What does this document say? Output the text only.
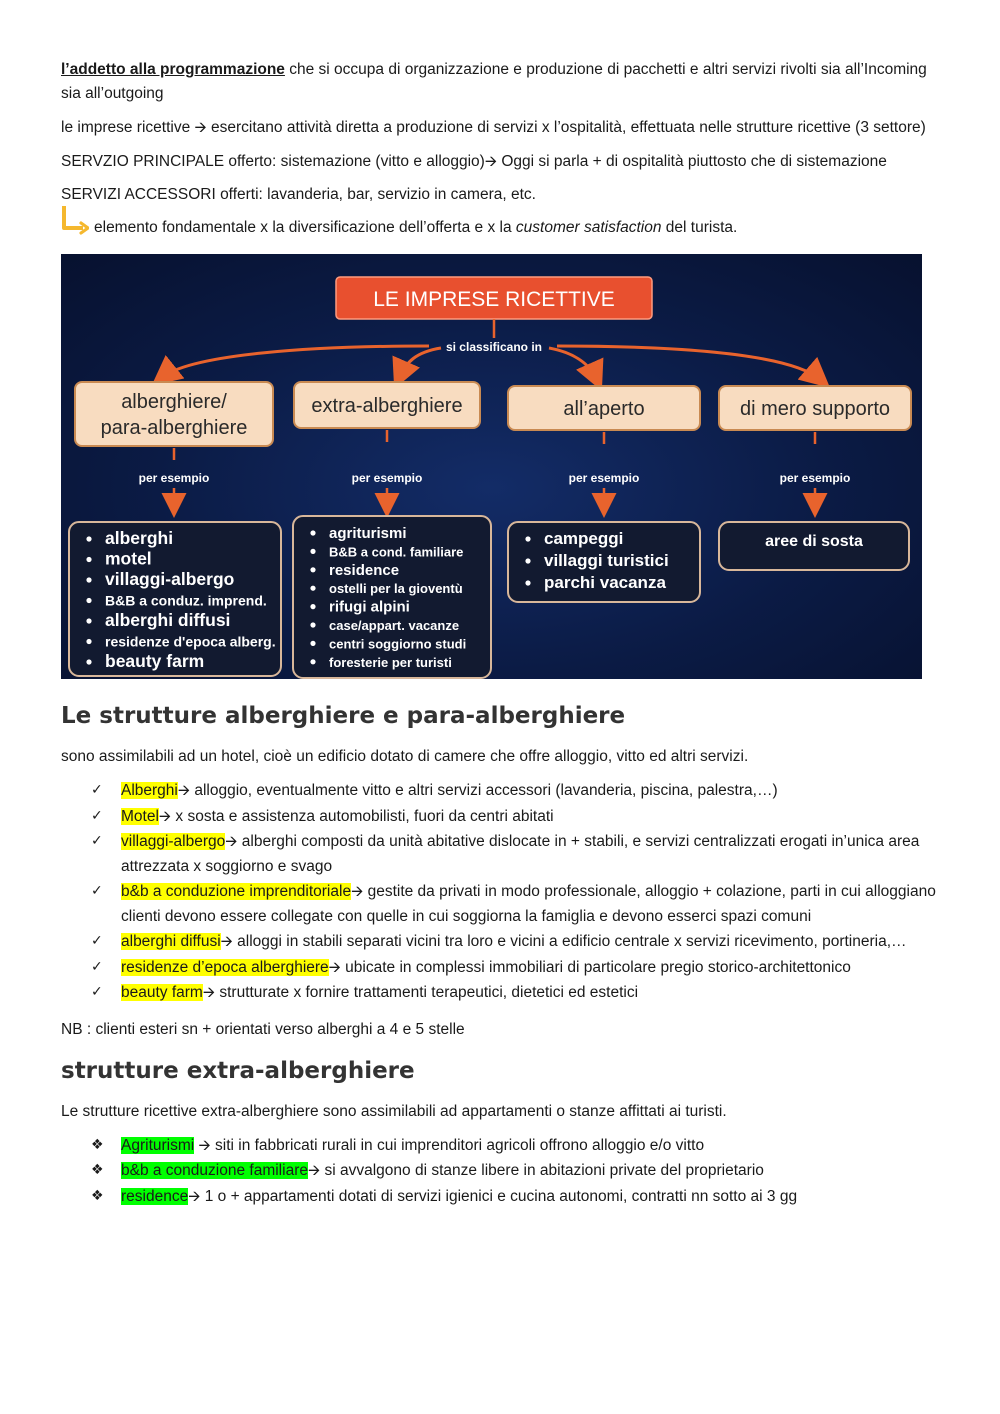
l’addetto alla programmazione che si occupa di organizzazione e produzione di pacchetti e altri servizi rivolti sia all’Incoming sia all’outgoing

le imprese ricettive 🡪 esercitano attività diretta a produzione di servizi x l’ospitalità, effettuata nelle strutture ricettive (3 settore)

SERVZIO PRINCIPALE offerto: sistemazione (vitto e alloggio)🡪 Oggi si parla + di ospitalità piuttosto che di sistemazione

SERVIZI ACCESSORI offerti: lavanderia, bar, servizio in camera, etc.

elemento fondamentale x la diversificazione dell’offerta e x la customer satisfaction del turista.

LE IMPRESE RICETTIVE
si classificano in
alberghiere/
para-alberghiere
per esempio
alberghi
motel
villaggi-albergo
B&B a conduz. imprend.
alberghi diffusi
residenze d'epoca alberg.
beauty farm
extra-alberghiere
per esempio
agriturismi
B&B a cond. familiare
residence
ostelli per la gioventù
rifugi alpini
case/appart. vacanze
centri soggiorno studi
foresterie per turisti
all’aperto
per esempio
campeggi
villaggi turistici
parchi vacanza
di mero supporto
per esempio
aree di sosta
Le strutture alberghiere e para-alberghiere

sono assimilabili ad un hotel, cioè un edificio dotato di camere che offre alloggio, vitto ed altri servizi.

✓ Alberghi🡪 alloggio, eventualmente vitto e altri servizi accessori (lavanderia, piscina, palestra,…)
✓ Motel🡪 x sosta e assistenza automobilisti, fuori da centri abitati
✓ villaggi-albergo🡪 alberghi composti da unità abitative dislocate in + stabili, e servizi centralizzati erogati in’unica area attrezzata x soggiorno e svago
✓ b&b a conduzione imprenditoriale🡪 gestite da privati in modo professionale, alloggio + colazione, parti in cui alloggiano clienti devono essere collegate con quelle in cui soggiorna la famiglia e devono esserci spazi comuni
✓ alberghi diffusi🡪 alloggi in stabili separati vicini tra loro e vicini a edificio centrale x servizi ricevimento, portineria,…
✓ residenze d’epoca alberghiere🡪 ubicate in complessi immobiliari di particolare pregio storico-architettonico
✓ beauty farm🡪 strutturate x fornire trattamenti terapeutici, dietetici ed estetici

NB : clienti esteri sn + orientati verso alberghi a 4 e 5 stelle

strutture extra-alberghiere

Le strutture ricettive extra-alberghiere sono assimilabili ad appartamenti o stanze affittati ai turisti.

❖ Agriturismi 🡪 siti in fabbricati rurali in cui imprenditori agricoli offrono alloggio e/o vitto
❖ b&b a conduzione familiare🡪 si avvalgono di stanze libere in abitazioni private del proprietario
❖ residence🡪 1 o + appartamenti dotati di servizi igienici e cucina autonomi, contratti nn sotto ai 3 gg
